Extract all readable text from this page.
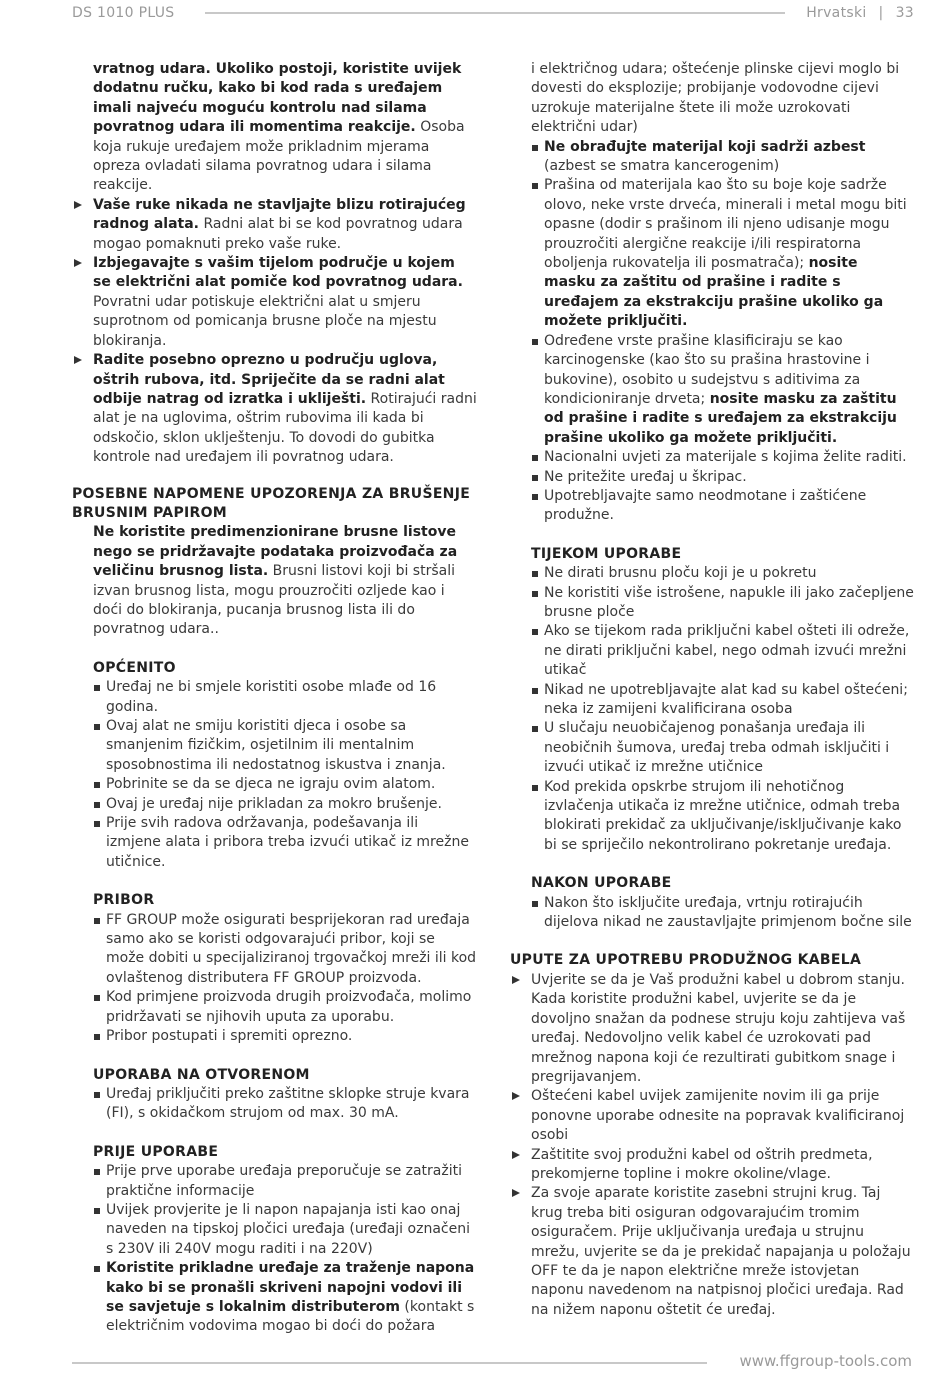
DS 1010 PLUS	Hrvatski | 33

vratnog udara. Ukoliko postoji, koristite uvijek dodatnu ručku, kako bi kod rada s uređajem imali najveću moguću kontrolu nad silama povratnog udara ili momentima reakcije. Osoba koja rukuje uređajem može prikladnim mjerama opreza ovladati silama povratnog udara i silama reakcije.

Vaše ruke nikada ne stavljajte blizu rotirajućeg radnog alata. Radni alat bi se kod povratnog udara mogao pomaknuti preko vaše ruke.
Izbjegavajte s vašim tijelom područje u kojem se električni alat pomiče kod povratnog udara. Povratni udar potiskuje električni alat u smjeru suprotnom od pomicanja brusne ploče na mjestu blokiranja.
Radite posebno oprezno u području uglova, oštrih rubova, itd. Spriječite da se radni alat odbije natrag od izratka i ukliješti. Rotirajući radni alat je na uglovima, oštrim rubovima ili kada bi odskočio, sklon uklještenju. To dovodi do gubitka kontrole nad uređajem ili povratnog udara.

POSEBNE NAPOMENE UPOZORENJA ZA BRUŠENJE BRUSNIM PAPIROM

Ne koristite predimenzionirane brusne listove nego se pridržavajte podataka proizvođača za veličinu brusnog lista. Brusni listovi koji bi stršali izvan brusnog lista, mogu prouzročiti ozljede kao i doći do blokiranja, pucanja brusnog lista ili do povratnog udara..

OPĆENITO

Uređaj ne bi smjele koristiti osobe mlađe od 16 godina.
Ovaj alat ne smiju koristiti djeca i osobe sa smanjenim fizičkim, osjetilnim ili mentalnim sposobnostima ili nedostatnog iskustva i znanja.
Pobrinite se da se djeca ne igraju ovim alatom.
Ovaj je uređaj nije prikladan za mokro brušenje.
Prije svih radova održavanja, podešavanja ili izmjene alata i pribora treba izvući utikač iz mrežne utičnice.

PRIBOR

FF GROUP može osigurati besprijekoran rad uređaja samo ako se koristi odgovarajući pribor, koji se može dobiti u specijaliziranoj trgovačkoj mreži ili kod ovlaštenog distributera FF GROUP proizvoda.
Kod primjene proizvoda drugih proizvođača, molimo pridržavati se njihovih uputa za uporabu.
Pribor postupati i spremiti oprezno.

UPORABA NA OTVORENOM

Uređaj priključiti preko zaštitne sklopke struje kvara (FI), s okidačkom strujom od max. 30 mA.

PRIJE UPORABE

Prije prve uporabe uređaja preporučuje se zatražiti praktične informacije
Uvijek provjerite je li napon napajanja isti kao onaj naveden na tipskoj pločici uređaja (uređaji označeni s 230V ili 240V mogu raditi i na 220V)
Koristite prikladne uređaje za traženje napona kako bi se pronašli skriveni napojni vodovi ili se savjetuje s lokalnim distributerom (kontakt s električnim vodovima mogao bi doći do požara

i električnog udara; oštećenje plinske cijevi moglo bi dovesti do eksplozije; probijanje vodovodne cijevi uzrokuje materijalne štete ili može uzrokovati električni udar)

Ne obrađujte materijal koji sadrži azbest (azbest se smatra kancerogenim)
Prašina od materijala kao što su boje koje sadrže olovo, neke vrste drveća, minerali i metal mogu biti opasne (dodir s prašinom ili njeno udisanje mogu prouzročiti alergične reakcije i/ili respiratorna oboljenja rukovatelja ili posmatrača); nosite masku za zaštitu od prašine i radite s uređajem za ekstrakciju prašine ukoliko ga možete priključiti.
Određene vrste prašine klasificiraju se kao karcinogenske (kao što su prašina hrastovine i bukovine), osobito u sudejstvu s aditivima za kondicioniranje drveta; nosite masku za zaštitu od prašine i radite s uređajem za ekstrakciju prašine ukoliko ga možete priključiti.
Nacionalni uvjeti za materijale s kojima želite raditi.
Ne pritežite uređaj u škripac.
Upotrebljavajte samo neodmotane i zaštićene produžne.

TIJEKOM UPORABE

Ne dirati brusnu ploču koji je u pokretu
Ne koristiti više istrošene, napukle ili jako začepljene brusne ploče
Ako se tijekom rada priključni kabel ošteti ili odreže, ne dirati priključni kabel, nego odmah izvući mrežni utikač
Nikad ne upotrebljavajte alat kad su kabel oštećeni; neka iz zamijeni kvalificirana osoba
U slučaju neuobičajenog ponašanja uređaja ili neobičnih šumova, uređaj treba odmah isključiti i izvući utikač iz mrežne utičnice
Kod prekida opskrbe strujom ili nehotičnog izvlačenja utikača iz mrežne utičnice, odmah treba blokirati prekidač za uključivanje/isključivanje kako bi se spriječilo nekontrolirano pokretanje uređaja.

NAKON UPORABE

Nakon što isključite uređaja, vrtnju rotirajućih dijelova nikad ne zaustavljajte primjenom bočne sile

UPUTE ZA UPOTREBU PRODUŽNOG KABELA

Uvjerite se da je Vaš produžni kabel u dobrom stanju. Kada koristite produžni kabel, uvjerite se da je dovoljno snažan da podnese struju koju zahtijeva vaš uređaj. Nedovoljno velik kabel će uzrokovati pad mrežnog napona koji će rezultirati gubitkom snage i pregrijavanjem.
Oštećeni kabel uvijek zamijenite novim ili ga prije ponovne uporabe odnesite na popravak kvalificiranoj osobi
Zaštitite svoj produžni kabel od oštrih predmeta, prekomjerne topline i mokre okoline/vlage.
Za svoje aparate koristite zasebni strujni krug. Taj krug treba biti osiguran odgovarajućim tromim osiguračem. Prije uključivanja uređaja u strujnu mrežu, uvjerite se da je prekidač napajanja u položaju OFF te da je napon električne mreže istovjetan naponu navedenom na natpisnoj pločici uređaja. Rad na nižem naponu oštetit će uređaj.
www.ffgroup-tools.com
